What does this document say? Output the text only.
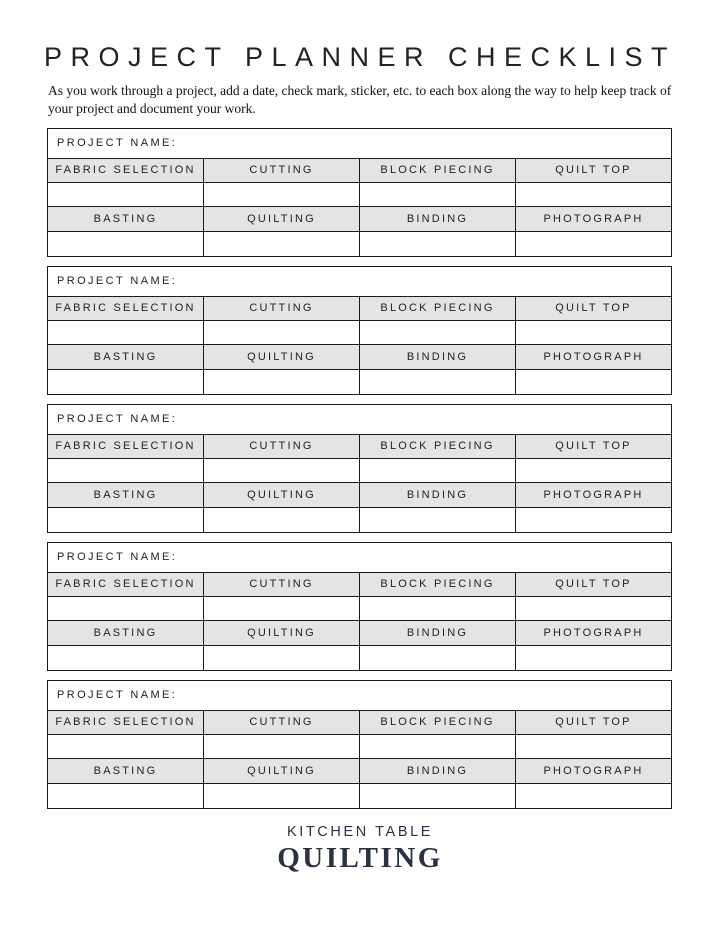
PROJECT PLANNER CHECKLIST

As you work through a project, add a date, check mark, sticker, etc. to each box along the way to help keep track of your project and document your work.

PROJECT NAME:
FABRIC SELECTION	CUTTING	BLOCK PIECING	QUILT TOP
BASTING	QUILTING	BINDING	PHOTOGRAPH
PROJECT NAME:
FABRIC SELECTION	CUTTING	BLOCK PIECING	QUILT TOP
BASTING	QUILTING	BINDING	PHOTOGRAPH
PROJECT NAME:
FABRIC SELECTION	CUTTING	BLOCK PIECING	QUILT TOP
BASTING	QUILTING	BINDING	PHOTOGRAPH
PROJECT NAME:
FABRIC SELECTION	CUTTING	BLOCK PIECING	QUILT TOP
BASTING	QUILTING	BINDING	PHOTOGRAPH
PROJECT NAME:
FABRIC SELECTION	CUTTING	BLOCK PIECING	QUILT TOP
BASTING	QUILTING	BINDING	PHOTOGRAPH
KITCHEN TABLE
QUILTING
